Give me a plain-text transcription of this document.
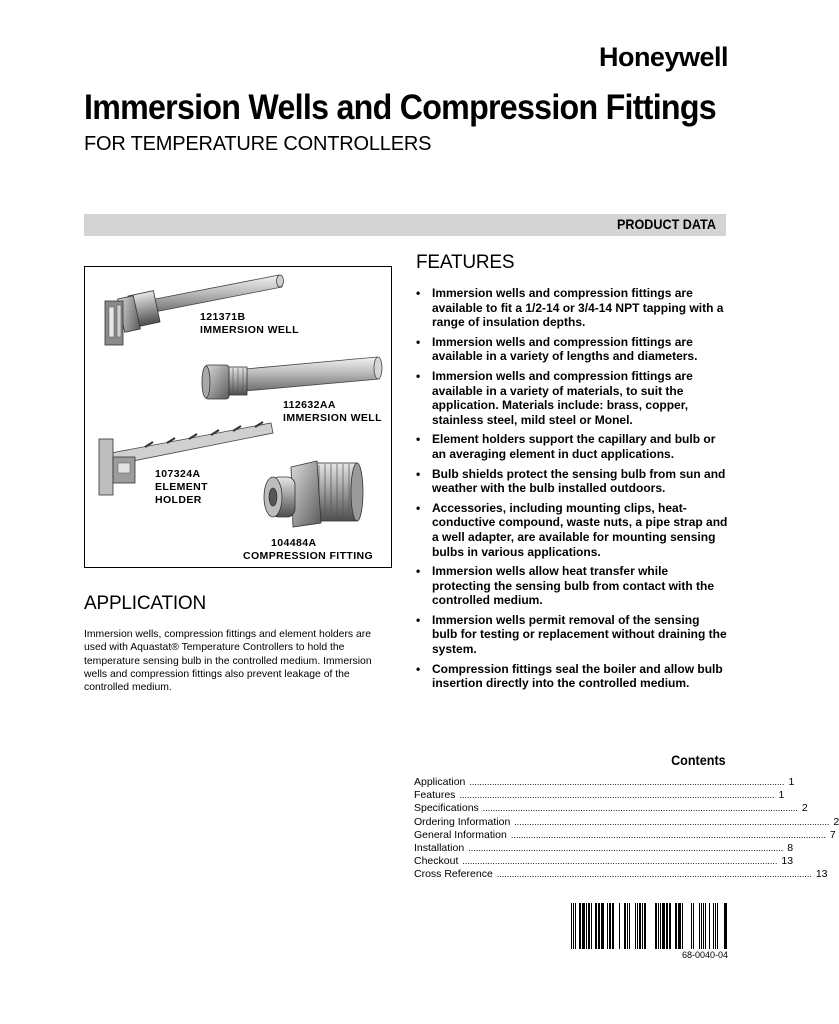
Honeywell
Immersion Wells and Compression Fittings
FOR TEMPERATURE CONTROLLERS
PRODUCT DATA
121371B
IMMERSION WELL
112632AA
IMMERSION WELL
107324A
ELEMENT
HOLDER
104484A
COMPRESSION FITTING
APPLICATION
Immersion wells, compression fittings and element holders are used with Aquastat® Temperature Controllers to hold the temperature sensing bulb in the controlled medium. Immersion wells and compression fittings also prevent leakage of the controlled medium.
FEATURES
• Immersion wells and compression fittings are available to fit a 1/2-14 or 3/4-14 NPT tapping with a range of insulation depths.
• Immersion wells and compression fittings are available in a variety of lengths and diameters.
• Immersion wells and compression fittings are available in a variety of materials, to suit the application. Materials include: brass, copper, stainless steel, mild steel or Monel.
• Element holders support the capillary and bulb or an averaging element in duct applications.
• Bulb shields protect the sensing bulb from sun and weather with the bulb installed outdoors.
• Accessories, including mounting clips, heat-conductive compound, waste nuts, a pipe strap and a well adapter, are available for mounting sensing bulbs in various applications.
• Immersion wells allow heat transfer while protecting the sensing bulb from contact with the controlled medium.
• Immersion wells permit removal of the sensing bulb for testing or replacement without draining the system.
• Compression fittings seal the boiler and allow bulb insertion directly into the controlled medium.
Contents
Application .............................................................................................................................. 1
Features .............................................................................................................................. 1
Specifications .............................................................................................................................. 2
Ordering Information .............................................................................................................................. 2
General Information .............................................................................................................................. 7
Installation .............................................................................................................................. 8
Checkout .............................................................................................................................. 13
Cross Reference .............................................................................................................................. 13
68-0040-04
